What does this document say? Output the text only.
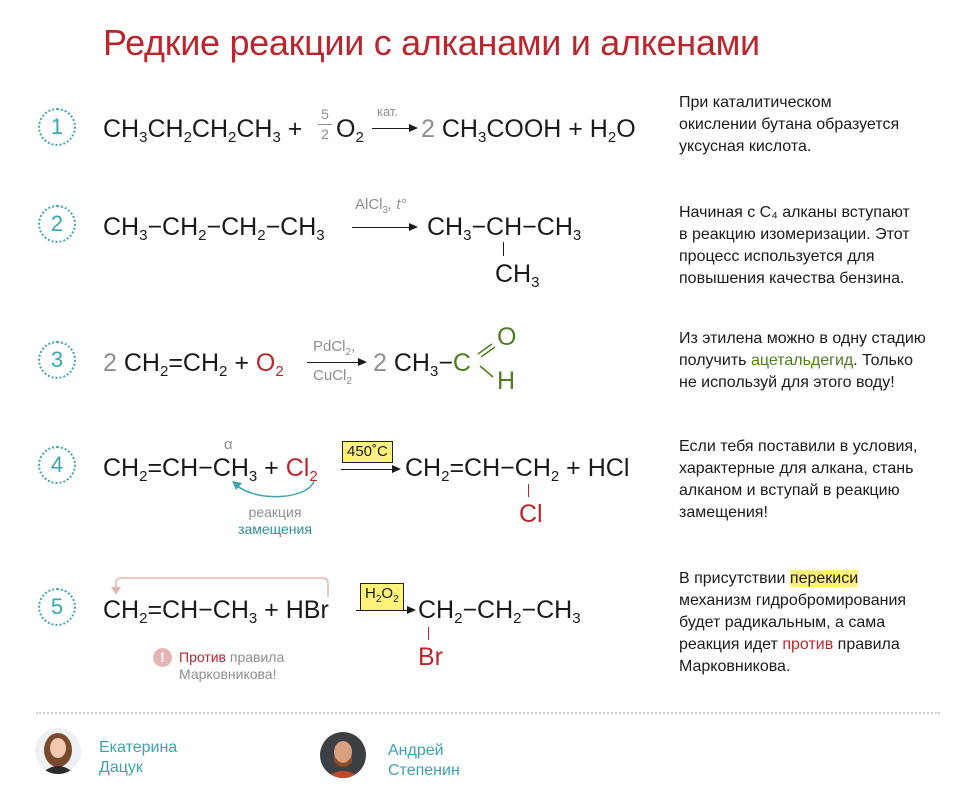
Редкие реакции с алканами и алкенами
1	$CH_3CH_2CH_2CH_3$ +
5
2 $O_2$
кат.
2 $CH_3COOH + H_2O$
При каталитическом
окислении бутана образуется
уксусная кислота.
2	$CH_3-CH_2-CH_2-CH_3$
AlCl$_3$, t°
$CH_3-CH-CH_3$
$CH_3$
Начиная с C₄ алканы вступают
в реакцию изомеризации. Этот
процесс используется для
повышения качества бензина.
3	2 $CH_2=CH_2 + O_2$
PdCl$_2$,
CuCl$_2$
2 $CH_3-C$
O
H
Из этилена можно в одну стадию
получить ацетальдегид. Только
не используй для этого воду!
4
α
$CH_2=CH-CH_3 + Cl_2$
450˚C
$CH_2=CH-CH_2$ + HCl
Cl
реакция
замещения
Если тебя поставили в условия,
характерные для алкана, стань
алканом и вступай в реакцию
замещения!
5	$CH_2=CH-CH_3$ + HBr
$H_2O_2$ $CH_2-CH_2-CH_3$
Br
!	Против правила
Марковникова!
В присутствии перекиси
механизм гидробромирования
будет радикальным, а сама
реакция идет против правила
Марковникова.
Екатерина
Дацук
Андрей
Степенин
